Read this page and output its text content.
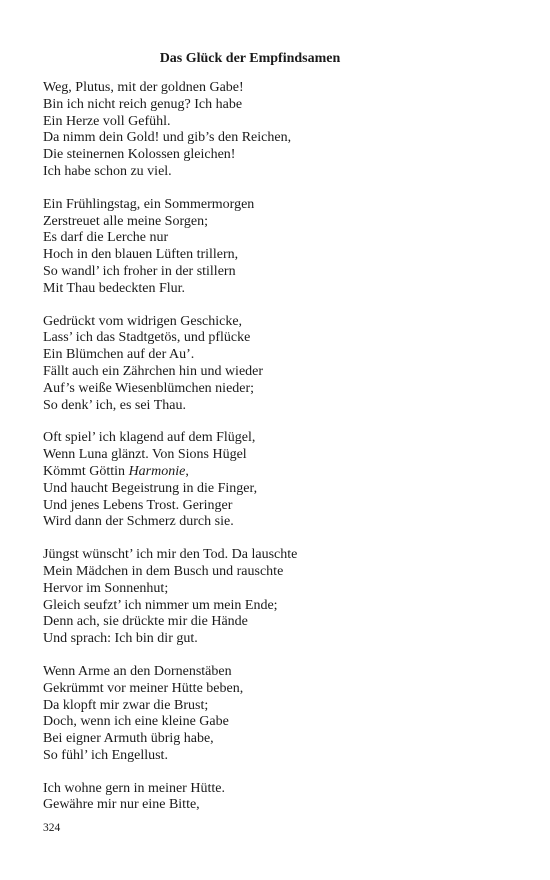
Das Glück der Empfindsamen
Weg, Plutus, mit der goldnen Gabe!
Bin ich nicht reich genug? Ich habe
Ein Herze voll Gefühl.
Da nimm dein Gold! und gib’s den Reichen,
Die steinernen Kolossen gleichen!
Ich habe schon zu viel.
Ein Frühlingstag, ein Sommermorgen
Zerstreuet alle meine Sorgen;
Es darf die Lerche nur
Hoch in den blauen Lüften trillern,
So wandl’ ich froher in der stillern
Mit Thau bedeckten Flur.
Gedrückt vom widrigen Geschicke,
Lass’ ich das Stadtgetös, und pflücke
Ein Blümchen auf der Au’.
Fällt auch ein Zährchen hin und wieder
Auf’s weiße Wiesenblümchen nieder;
So denk’ ich, es sei Thau.
Oft spiel’ ich klagend auf dem Flügel,
Wenn Luna glänzt. Von Sions Hügel
Kömmt Göttin Harmonie,
Und haucht Begeistrung in die Finger,
Und jenes Lebens Trost. Geringer
Wird dann der Schmerz durch sie.
Jüngst wünscht’ ich mir den Tod. Da lauschte
Mein Mädchen in dem Busch und rauschte
Hervor im Sonnenhut;
Gleich seufzt’ ich nimmer um mein Ende;
Denn ach, sie drückte mir die Hände
Und sprach: Ich bin dir gut.
Wenn Arme an den Dornenstäben
Gekrümmt vor meiner Hütte beben,
Da klopft mir zwar die Brust;
Doch, wenn ich eine kleine Gabe
Bei eigner Armuth übrig habe,
So fühl’ ich Engellust.
Ich wohne gern in meiner Hütte.
Gewähre mir nur eine Bitte,
324
